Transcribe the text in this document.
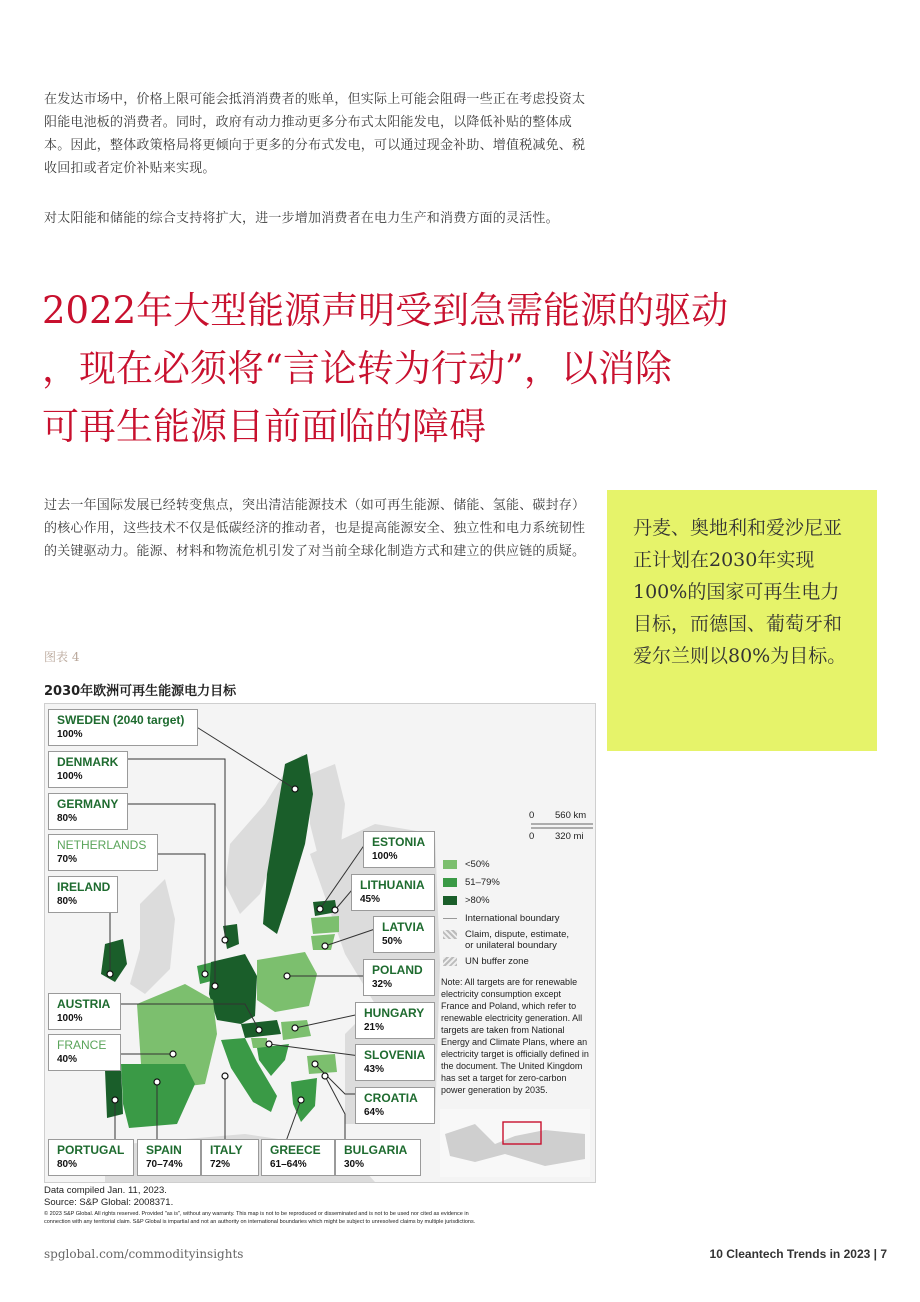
在发达市场中，价格上限可能会抵消消费者的账单，但实际上可能会阻碍一些正在考虑投资太阳能电池板的消费者。同时，政府有动力推动更多分布式太阳能发电，以降低补贴的整体成本。因此，整体政策格局将更倾向于更多的分布式发电，可以通过现金补助、增值税减免、税收回扣或者定价补贴来实现。
对太阳能和储能的综合支持将扩大，进一步增加消费者在电力生产和消费方面的灵活性。
2022年大型能源声明受到急需能源的驱动
，现在必须将“言论转为行动”，以消除
可再生能源目前面临的障碍
过去一年国际发展已经转变焦点，突出清洁能源技术（如可再生能源、储能、氢能、碳封存）的核心作用，这些技术不仅是低碳经济的推动者，也是提高能源安全、独立性和电力系统韧性的关键驱动力。能源、材料和物流危机引发了对当前全球化制造方式和建立的供应链的质疑。
丹麦、奥地利和爱沙尼亚正计划在2030年实现100%的国家可再生电力目标，而德国、葡萄牙和爱尔兰则以80%为目标。
图表 4
2030年欧洲可再生能源电力目标
SWEDEN (2040 target)
100%
DENMARK
100%
GERMANY
80%
NETHERLANDS
70%
IRELAND
80%
AUSTRIA
100%
FRANCE
40%
PORTUGAL
80%
SPAIN
70–74%
ITALY
72%
GREECE
61–64%
BULGARIA
30%
CROATIA
64%
SLOVENIA
43%
HUNGARY
21%
POLAND
32%
LATVIA
50%
LITHUANIA
45%
ESTONIA
100%
0 560 km
0 320 mi
<50%
51–79%
>80%
International boundary
Claim, dispute, estimate,
or unilateral boundary
UN buffer zone
Note: All targets are for renewable electricity consumption except France and Poland, which refer to renewable electricity generation. All targets are taken from National Energy and Climate Plans, where an electricity target is officially defined in the document. The United Kingdom has set a target for zero-carbon power generation by 2035.
Data compiled Jan. 11, 2023.
Source: S&P Global: 2008371.
© 2023 S&P Global. All rights reserved. Provided "as is", without any warranty. This map is not to be reproduced or disseminated and is not to be used nor cited as evidence in
connection with any territorial claim. S&P Global is impartial and not an authority on international boundaries which might be subject to unresolved claims by multiple jurisdictions.
spglobal.com/commodityinsights	10 Cleantech Trends in 2023 | 7
